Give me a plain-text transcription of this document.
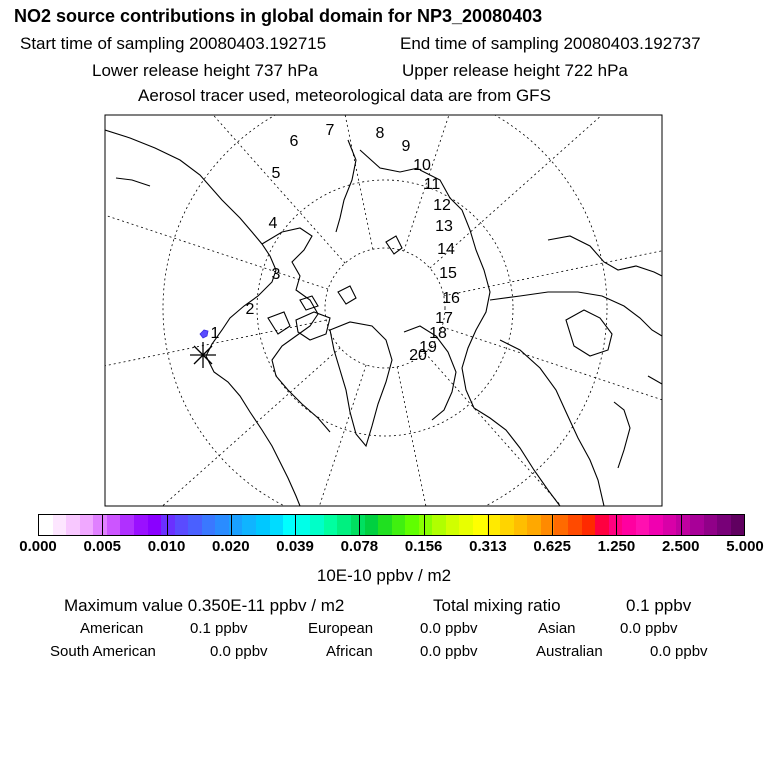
NO2 source contributions in global domain for NP3_20080403
Start time of sampling 20080403.192715	End time of sampling 20080403.192737
Lower release height 737 hPa	Upper release height 722 hPa
Aerosol tracer used, meteorological data are from GFS
1
2
3
4
5
6
7	8
9
10
11
12
13
14
15
16
17
18
19
20
0.000 0.005 0.010 0.020 0.039 0.078 0.156 0.313 0.625 1.250 2.500 5.000
10E-10 ppbv / m2
Maximum value 0.350E-11 ppbv / m2	Total mixing ratio	0.1 ppbv
American	0.1 ppbv	European	0.0 ppbv	Asian	0.0 ppbv
South American	0.0 ppbv	African	0.0 ppbv	Australian	0.0 ppbv
